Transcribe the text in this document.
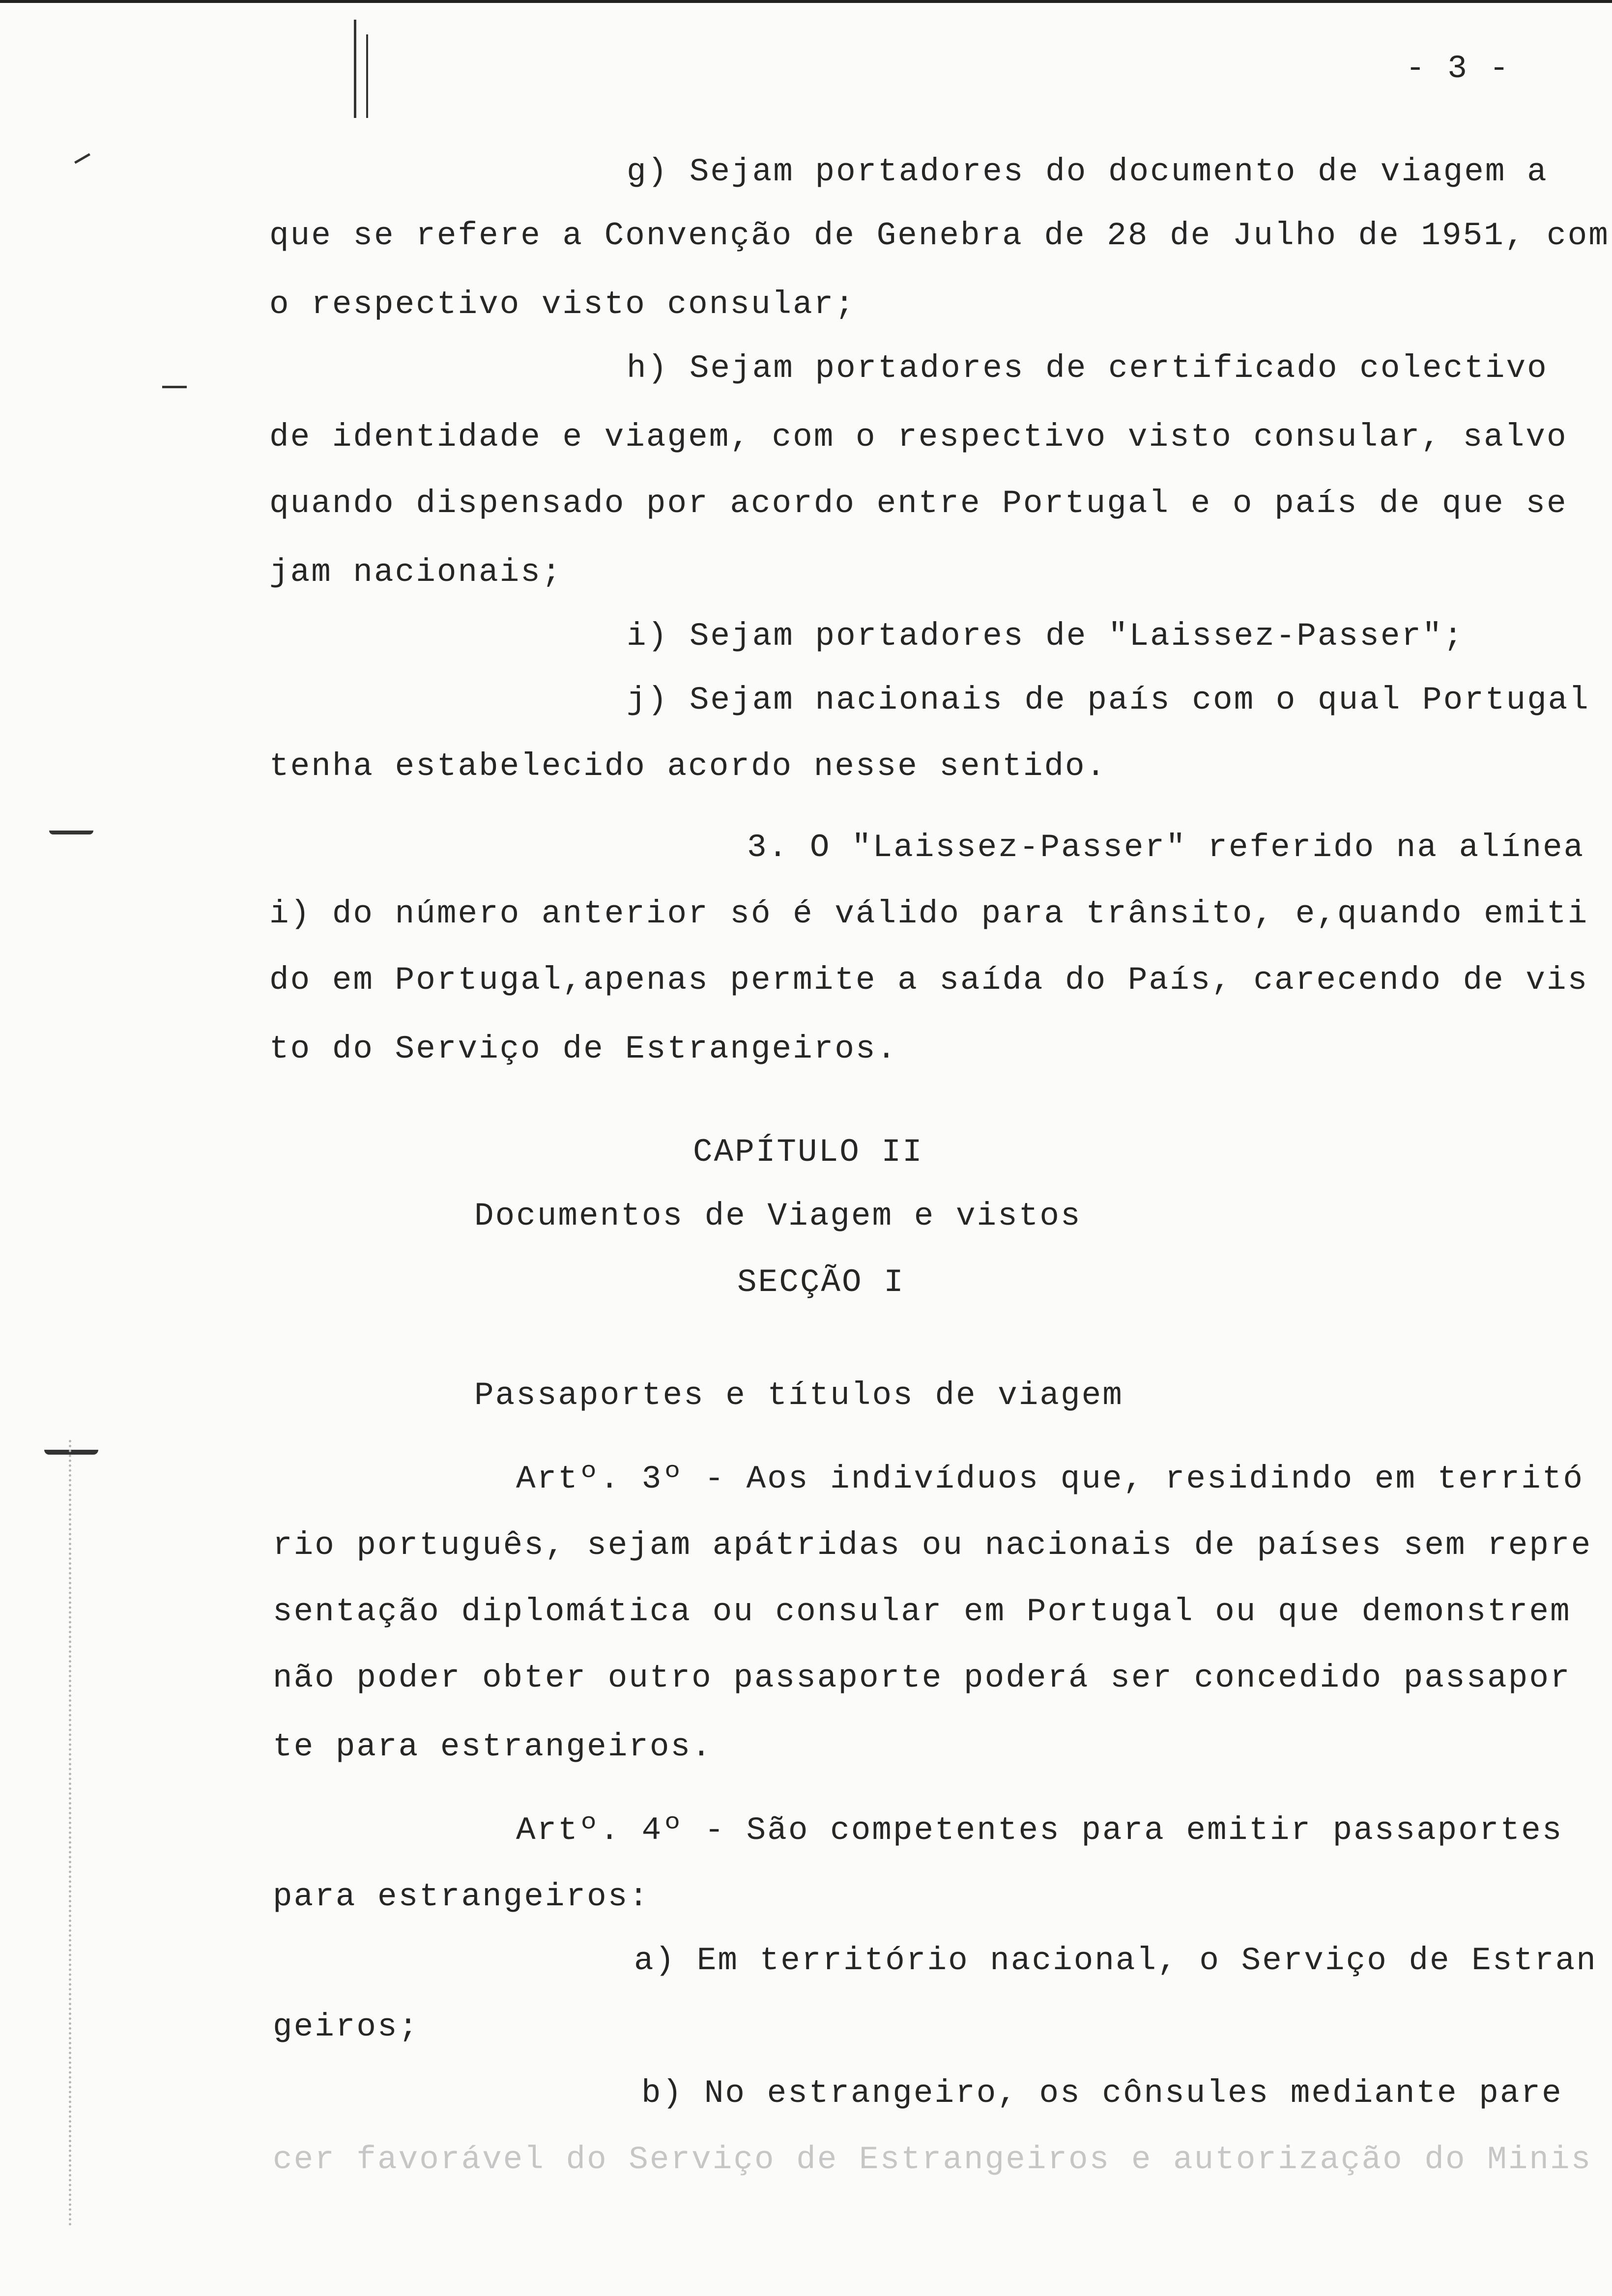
- 3 -
g) Sejam portadores do documento de viagem a
que se refere a Convenção de Genebra de 28 de Julho de 1951, com
o respectivo visto consular;
h) Sejam portadores de certificado colectivo
de identidade e viagem, com o respectivo visto consular, salvo
quando dispensado por acordo entre Portugal e o país de que se
jam nacionais;
i) Sejam portadores de "Laissez-Passer";
j) Sejam nacionais de país com o qual Portugal
tenha estabelecido acordo nesse sentido.
3. O "Laissez-Passer" referido na alínea
i) do número anterior só é válido para trânsito, e,quando emiti
do em Portugal,apenas permite a saída do País, carecendo de vis
to do Serviço de Estrangeiros.
CAPÍTULO II
Documentos de Viagem e vistos
SECÇÃO I
Passaportes e títulos de viagem
Artº. 3º - Aos indivíduos que, residindo em territó
rio português, sejam apátridas ou nacionais de países sem repre
sentação diplomática ou consular em Portugal ou que demonstrem
não poder obter outro passaporte poderá ser concedido passapor
te para estrangeiros.
Artº. 4º - São competentes para emitir passaportes
para estrangeiros:
a) Em território nacional, o Serviço de Estran
geiros;
b) No estrangeiro, os cônsules mediante pare
cer favorável do Serviço de Estrangeiros e autorização do Minis
